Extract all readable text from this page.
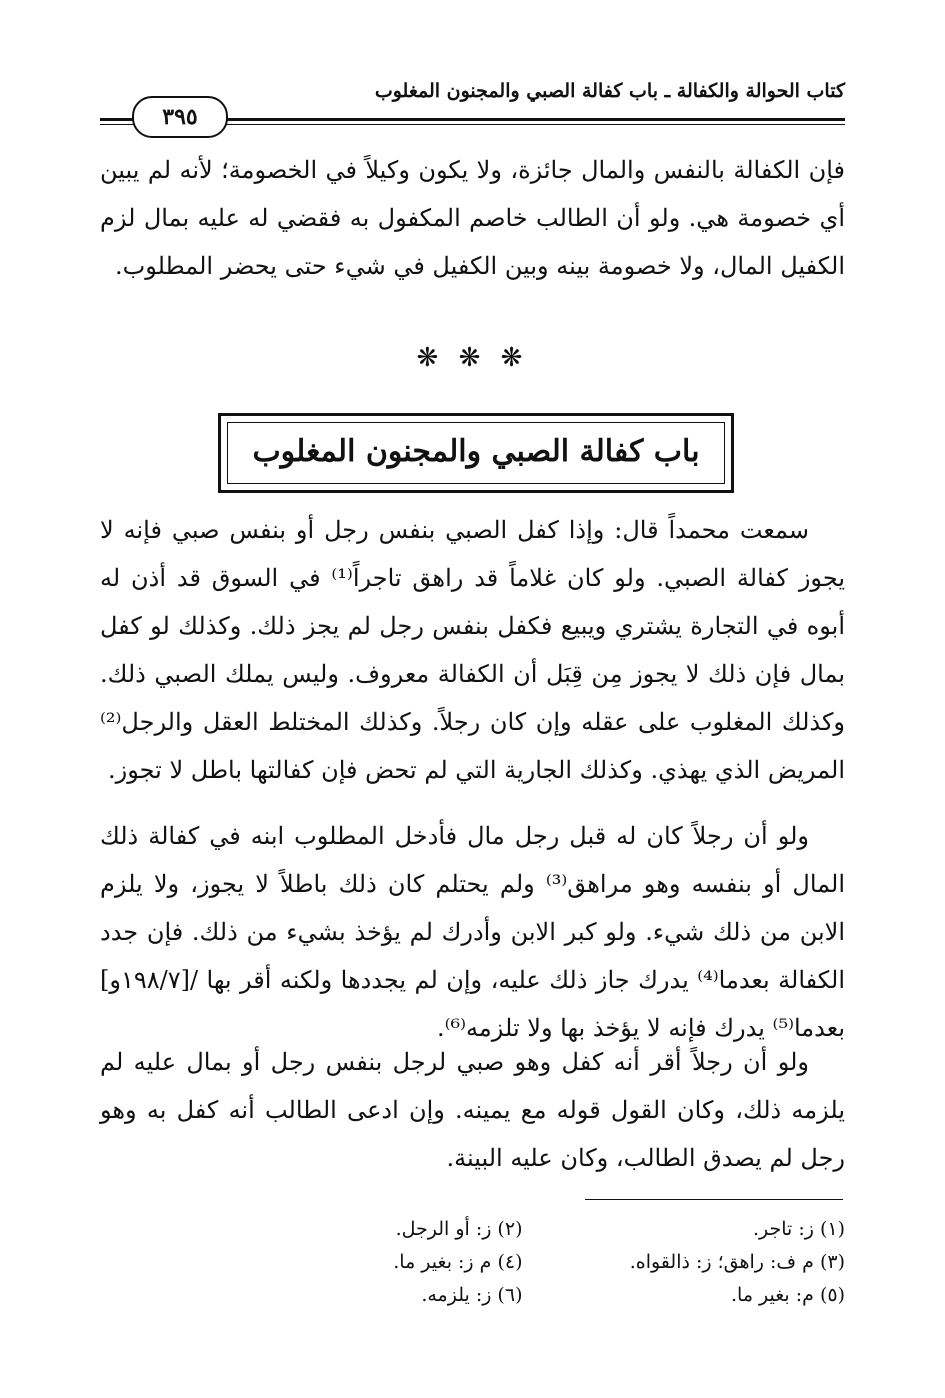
كتاب الحوالة والكفالة ـ باب كفالة الصبي والمجنون المغلوب
٣٩٥

فإن الكفالة بالنفس والمال جائزة، ولا يكون وكيلاً في الخصومة؛ لأنه لم يبين أي خصومة هي. ولو أن الطالب خاصم المكفول به فقضي له عليه بمال لزم الكفيل المال، ولا خصومة بينه وبين الكفيل في شيء حتى يحضر المطلوب.

❋ ❋ ❋
باب كفالة الصبي والمجنون المغلوب

سمعت محمداً قال: وإذا كفل الصبي بنفس رجل أو بنفس صبي فإنه لا يجوز كفالة الصبي. ولو كان غلاماً قد راهق تاجراً⁽¹⁾ في السوق قد أذن له أبوه في التجارة يشتري ويبيع فكفل بنفس رجل لم يجز ذلك. وكذلك لو كفل بمال فإن ذلك لا يجوز مِن قِبَل أن الكفالة معروف. وليس يملك الصبي ذلك. وكذلك المغلوب على عقله وإن كان رجلاً. وكذلك المختلط العقل والرجل⁽²⁾ المريض الذي يهذي. وكذلك الجارية التي لم تحض فإن كفالتها باطل لا تجوز.

ولو أن رجلاً كان له قبل رجل مال فأدخل المطلوب ابنه في كفالة ذلك المال أو بنفسه وهو مراهق⁽³⁾ ولم يحتلم كان ذلك باطلاً لا يجوز، ولا يلزم الابن من ذلك شيء. ولو كبر الابن وأدرك لم يؤخذ بشيء من ذلك. فإن جدد الكفالة بعدما⁽⁴⁾ يدرك جاز ذلك عليه، وإن لم يجددها ولكنه أقر بها /[١٩٨/٧و] بعدما⁽⁵⁾ يدرك فإنه لا يؤخذ بها ولا تلزمه⁽⁶⁾.

ولو أن رجلاً أقر أنه كفل وهو صبي لرجل بنفس رجل أو بمال عليه لم يلزمه ذلك، وكان القول قوله مع يمينه. وإن ادعى الطالب أنه كفل به وهو رجل لم يصدق الطالب، وكان عليه البينة.

(١) ز: تاجر.
(٢) ز: أو الرجل.
(٣) م ف: راهق؛ ز: ذالقواه.
(٤) م ز: بغير ما.
(٥) م: بغير ما.
(٦) ز: يلزمه.
